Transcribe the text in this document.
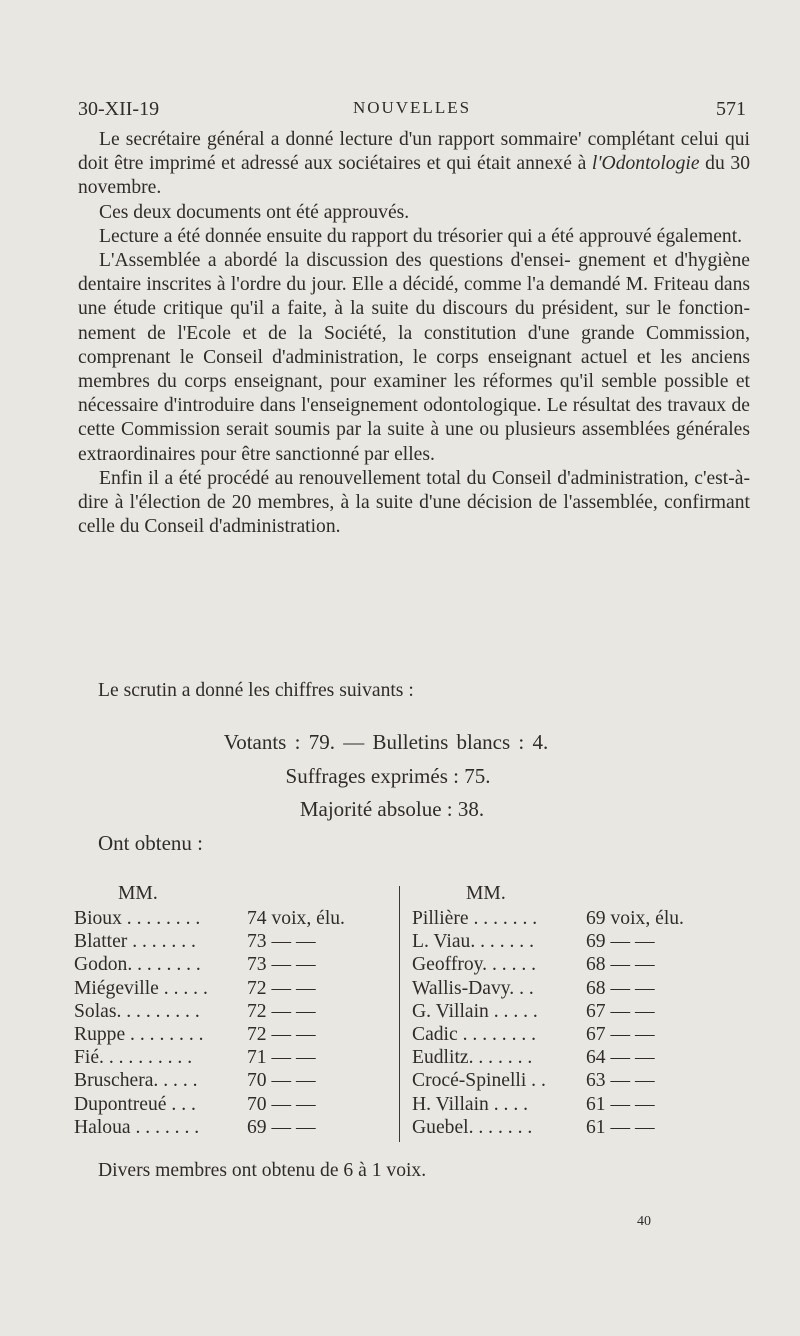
30-XII-19	NOUVELLES	571

Le secrétaire général a donné lecture d'un rapport sommaire' complétant celui qui doit être imprimé et adressé aux sociétaires et qui était annexé à l'Odontologie du 30 novembre.

Ces deux documents ont été approuvés.

Lecture a été donnée ensuite du rapport du trésorier qui a été approuvé également.

L'Assemblée a abordé la discussion des questions d'ensei- gnement et d'hygiène dentaire inscrites à l'ordre du jour. Elle a décidé, comme l'a demandé M. Friteau dans une étude critique qu'il a faite, à la suite du discours du président, sur le fonction- nement de l'Ecole et de la Société, la constitution d'une grande Commission, comprenant le Conseil d'administration, le corps enseignant actuel et les anciens membres du corps enseignant, pour examiner les réformes qu'il semble possible et nécessaire d'introduire dans l'enseignement odontologique. Le résultat des travaux de cette Commission serait soumis par la suite à une ou plusieurs assemblées générales extraordinaires pour être sanctionné par elles.

Enfin il a été procédé au renouvellement total du Conseil d'administration, c'est-à-dire à l'élection de 20 membres, à la suite d'une décision de l'assemblée, confirmant celle du Conseil d'administration.

Le scrutin a donné les chiffres suivants :
Votants : 79. — Bulletins blancs : 4.
Suffrages exprimés : 75.
Majorité absolue : 38.
Ont obtenu :
MM.
Bioux . . . . . . . . 74 voix, élu.
Blatter . . . . . . .	73 — —
Godon. . . . . . . . 73 — —
Miégeville . . . . . 72 — —
Solas. . . . . . . . . 72 — —
Ruppe . . . . . . . . 72 — —
Fié. . . . . . . . . .	71 — —
Bruschera. . . . .	70 — —
Dupontreué . . .	70 — —
Haloua . . . . . . . 69 — —
MM.
Pillière . . . . . . . 69 voix, élu.
L. Viau. . . . . . .	69 — —
Geoffroy. . . . . .	68 — —
Wallis-Davy. . .	68 — —
G. Villain . . . . . 67 — —
Cadic . . . . . . . .	67 — —
Eudlitz. . . . . . .	64 — —
Crocé-Spinelli . . 63 — —
H. Villain . . . .	61 — —
Guebel. . . . . . .	61 — —
Divers membres ont obtenu de 6 à 1 voix.
40
